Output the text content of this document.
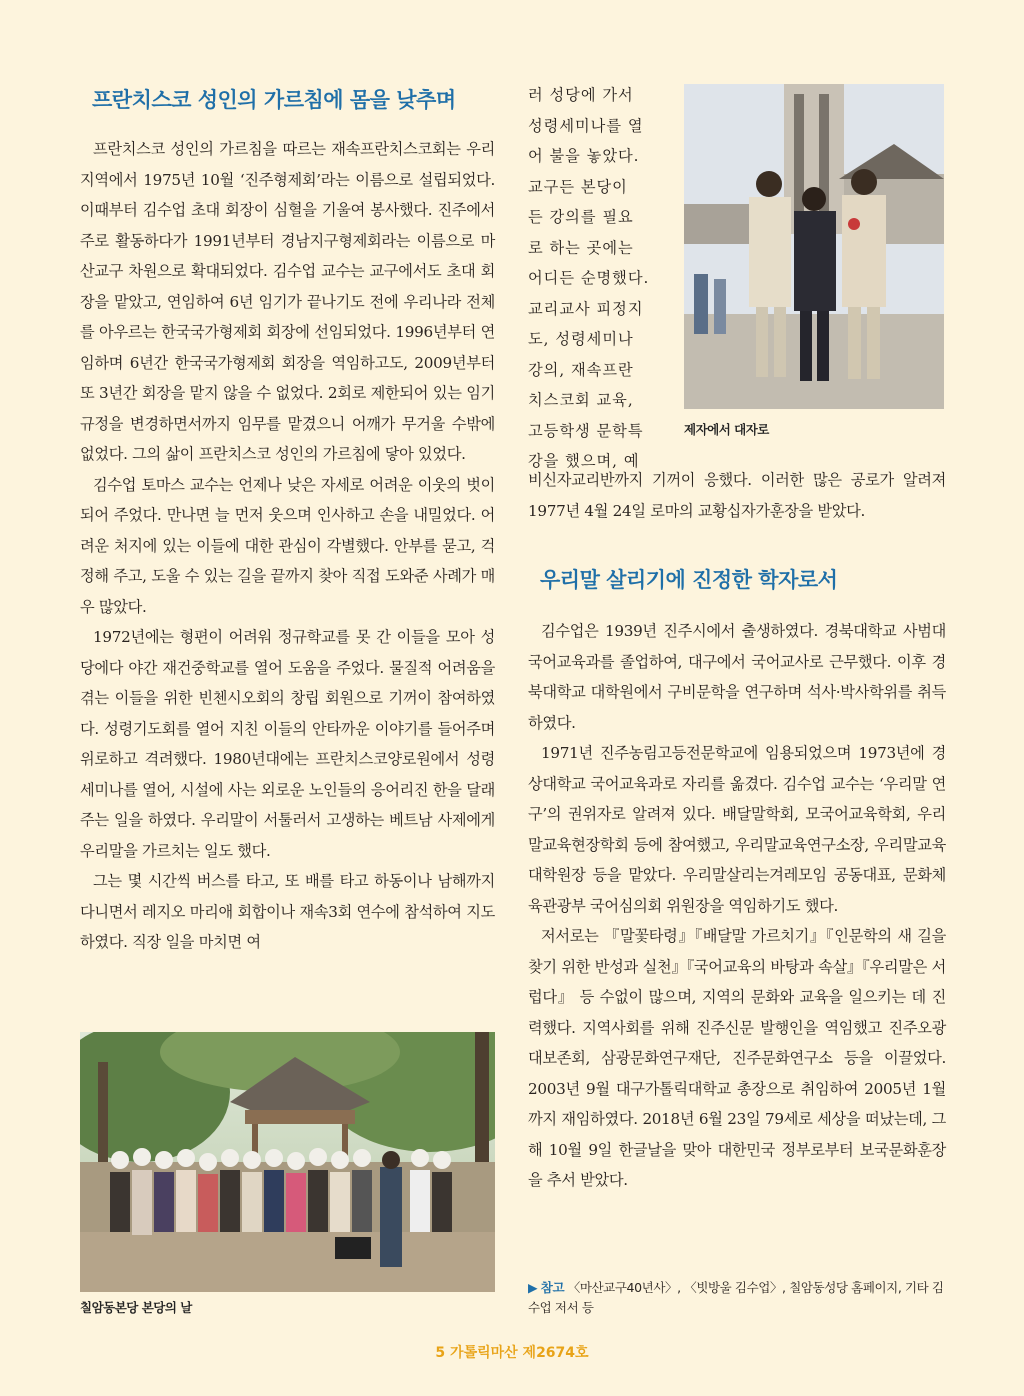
프란치스코 성인의 가르침에 몸을 낮추며

프란치스코 성인의 가르침을 따르는 재속프란치스코회는 우리 지역에서 1975년 10월 ‘진주형제회’라는 이름으로 설립되었다. 이때부터 김수업 초대 회장이 심혈을 기울여 봉사했다. 진주에서 주로 활동하다가 1991년부터 경남지구형제회라는 이름으로 마산교구 차원으로 확대되었다. 김수업 교수는 교구에서도 초대 회장을 맡았고, 연임하여 6년 임기가 끝나기도 전에 우리나라 전체를 아우르는 한국국가형제회 회장에 선임되었다. 1996년부터 연임하며 6년간 한국국가형제회 회장을 역임하고도, 2009년부터 또 3년간 회장을 맡지 않을 수 없었다. 2회로 제한되어 있는 임기 규정을 변경하면서까지 임무를 맡겼으니 어깨가 무거울 수밖에 없었다. 그의 삶이 프란치스코 성인의 가르침에 닿아 있었다.

김수업 토마스 교수는 언제나 낮은 자세로 어려운 이웃의 벗이 되어 주었다. 만나면 늘 먼저 웃으며 인사하고 손을 내밀었다. 어려운 처지에 있는 이들에 대한 관심이 각별했다. 안부를 묻고, 걱정해 주고, 도울 수 있는 길을 끝까지 찾아 직접 도와준 사례가 매우 많았다.

1972년에는 형편이 어려워 정규학교를 못 간 이들을 모아 성당에다 야간 재건중학교를 열어 도움을 주었다. 물질적 어려움을 겪는 이들을 위한 빈첸시오회의 창립 회원으로 기꺼이 참여하였다. 성령기도회를 열어 지친 이들의 안타까운 이야기를 들어주며 위로하고 격려했다. 1980년대에는 프란치스코양로원에서 성령세미나를 열어, 시설에 사는 외로운 노인들의 응어리진 한을 달래 주는 일을 하였다. 우리말이 서툴러서 고생하는 베트남 사제에게 우리말을 가르치는 일도 했다.

그는 몇 시간씩 버스를 타고, 또 배를 타고 하동이나 남해까지 다니면서 레지오 마리애 회합이나 재속3회 연수에 참석하여 지도하였다. 직장 일을 마치면 여

칠암동본당 본당의 날
제자에서 대자로

러 성당에 가서

성령세미나를 열

어 불을 놓았다.

교구든 본당이

든 강의를 필요

로 하는 곳에는

어디든 순명했다.

교리교사 피정지

도, 성령세미나

강의, 재속프란

치스코회 교육,

고등학생 문학특

강을 했으며, 예

비신자교리반까지 기꺼이 응했다. 이러한 많은 공로가 알려져 1977년 4월 24일 로마의 교황십자가훈장을 받았다.

우리말 살리기에 진정한 학자로서

김수업은 1939년 진주시에서 출생하였다. 경북대학교 사범대 국어교육과를 졸업하여, 대구에서 국어교사로 근무했다. 이후 경북대학교 대학원에서 구비문학을 연구하며 석사·박사학위를 취득하였다.

1971년 진주농림고등전문학교에 임용되었으며 1973년에 경상대학교 국어교육과로 자리를 옮겼다. 김수업 교수는 ‘우리말 연구’의 권위자로 알려져 있다. 배달말학회, 모국어교육학회, 우리말교육현장학회 등에 참여했고, 우리말교육연구소장, 우리말교육대학원장 등을 맡았다. 우리말살리는겨레모임 공동대표, 문화체육관광부 국어심의회 위원장을 역임하기도 했다.

저서로는 『말꽃타령』『배달말 가르치기』『인문학의 새 길을 찾기 위한 반성과 실천』『국어교육의 바탕과 속살』『우리말은 서럽다』 등 수없이 많으며, 지역의 문화와 교육을 일으키는 데 진력했다. 지역사회를 위해 진주신문 발행인을 역임했고 진주오광대보존회, 삼광문화연구재단, 진주문화연구소 등을 이끌었다. 2003년 9월 대구가톨릭대학교 총장으로 취임하여 2005년 1월까지 재임하였다. 2018년 6월 23일 79세로 세상을 떠났는데, 그해 10월 9일 한글날을 맞아 대한민국 정부로부터 보국문화훈장을 추서 받았다.

▶ 참고 〈마산교구40년사〉, 〈빗방울 김수업〉, 칠암동성당 홈페이지, 기타 김수업 저서 등
5 가톨릭마산 제2674호
